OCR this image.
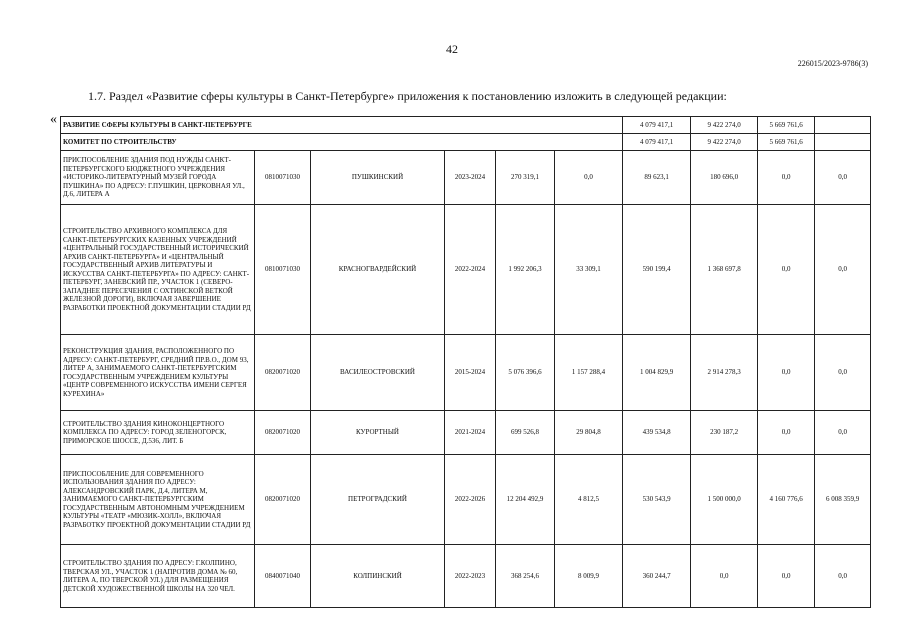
42
226015/2023-9786(3)
1.7. Раздел «Развитие сферы культуры в Санкт-Петербурге» приложения к постановлению изложить в следующей редакции:
« РАЗВИТИЕ СФЕРЫ КУЛЬТУРЫ В САНКТ-ПЕТЕРБУРГЕ						4 079 417,1	9 422 274,0	5 669 761,6	
КОМИТЕТ ПО СТРОИТЕЛЬСТВУ						4 079 417,1	9 422 274,0	5 669 761,6	
ПРИСПОСОБЛЕНИЕ ЗДАНИЯ ПОД НУЖДЫ САНКТ-ПЕТЕРБУРГСКОГО БЮДЖЕТНОГО УЧРЕЖДЕНИЯ «ИСТОРИКО-ЛИТЕРАТУРНЫЙ МУЗЕЙ ГОРОДА ПУШКИНА» ПО АДРЕСУ: Г.ПУШКИН, ЦЕРКОВНАЯ УЛ., Д.6, ЛИТЕРА А	0810071030	ПУШКИНСКИЙ	2023-2024	270 319,1	0,0	89 623,1	180 696,0	0,0	0,0
СТРОИТЕЛЬСТВО АРХИВНОГО КОМПЛЕКСА ДЛЯ САНКТ-ПЕТЕРБУРГСКИХ КАЗЕННЫХ УЧРЕЖДЕНИЙ «ЦЕНТРАЛЬНЫЙ ГОСУДАРСТВЕННЫЙ ИСТОРИЧЕСКИЙ АРХИВ САНКТ-ПЕТЕРБУРГА» И «ЦЕНТРАЛЬНЫЙ ГОСУДАРСТВЕННЫЙ АРХИВ ЛИТЕРАТУРЫ И ИСКУССТВА САНКТ-ПЕТЕРБУРГА» ПО АДРЕСУ: САНКТ-ПЕТЕРБУРГ, ЗАНЕВСКИЙ ПР., УЧАСТОК 1 (СЕВЕРО-ЗАПАДНЕЕ ПЕРЕСЕЧЕНИЯ С ОХТИНСКОЙ ВЕТКОЙ ЖЕЛЕЗНОЙ ДОРОГИ), ВКЛЮЧАЯ ЗАВЕРШЕНИЕ РАЗРАБОТКИ ПРОЕКТНОЙ ДОКУМЕНТАЦИИ СТАДИИ РД	0810071030	КРАСНОГВАРДЕЙСКИЙ	2022-2024	1 992 206,3	33 309,1	590 199,4	1 368 697,8	0,0	0,0
РЕКОНСТРУКЦИЯ ЗДАНИЯ, РАСПОЛОЖЕННОГО ПО АДРЕСУ: САНКТ-ПЕТЕРБУРГ, СРЕДНИЙ ПР.В.О., ДОМ 93, ЛИТЕР А, ЗАНИМАЕМОГО САНКТ-ПЕТЕРБУРГСКИМ ГОСУДАРСТВЕННЫМ УЧРЕЖДЕНИЕМ КУЛЬТУРЫ «ЦЕНТР СОВРЕМЕННОГО ИСКУССТВА ИМЕНИ СЕРГЕЯ КУРЕХИНА»	0820071020	ВАСИЛЕОСТРОВСКИЙ	2015-2024	5 076 396,6	1 157 288,4	1 004 829,9	2 914 278,3	0,0	0,0
СТРОИТЕЛЬСТВО ЗДАНИЯ КИНОКОНЦЕРТНОГО КОМПЛЕКСА ПО АДРЕСУ: ГОРОД ЗЕЛЕНОГОРСК, ПРИМОРСКОЕ ШОССЕ, Д.536, ЛИТ. Б	0820071020	КУРОРТНЫЙ	2021-2024	699 526,8	29 804,8	439 534,8	230 187,2	0,0	0,0
ПРИСПОСОБЛЕНИЕ ДЛЯ СОВРЕМЕННОГО ИСПОЛЬЗОВАНИЯ ЗДАНИЯ ПО АДРЕСУ: АЛЕКСАНДРОВСКИЙ ПАРК, Д.4, ЛИТЕРА М, ЗАНИМАЕМОГО САНКТ-ПЕТЕРБУРГСКИМ ГОСУДАРСТВЕННЫМ АВТОНОМНЫМ УЧРЕЖДЕНИЕМ КУЛЬТУРЫ «ТЕАТР «МЮЗИК-ХОЛЛ», ВКЛЮЧАЯ РАЗРАБОТКУ ПРОЕКТНОЙ ДОКУМЕНТАЦИИ СТАДИИ РД	0820071020	ПЕТРОГРАДСКИЙ	2022-2026	12 204 492,9	4 812,5	530 543,9	1 500 000,0	4 160 776,6	6 008 359,9
СТРОИТЕЛЬСТВО ЗДАНИЯ ПО АДРЕСУ: Г.КОЛПИНО, ТВЕРСКАЯ УЛ., УЧАСТОК 1 (НАПРОТИВ ДОМА № 60, ЛИТЕРА А, ПО ТВЕРСКОЙ УЛ.) ДЛЯ РАЗМЕЩЕНИЯ ДЕТСКОЙ ХУДОЖЕСТВЕННОЙ ШКОЛЫ НА 320 ЧЕЛ.	0840071040	КОЛПИНСКИЙ	2022-2023	368 254,6	8 009,9	360 244,7	0,0	0,0	0,0
